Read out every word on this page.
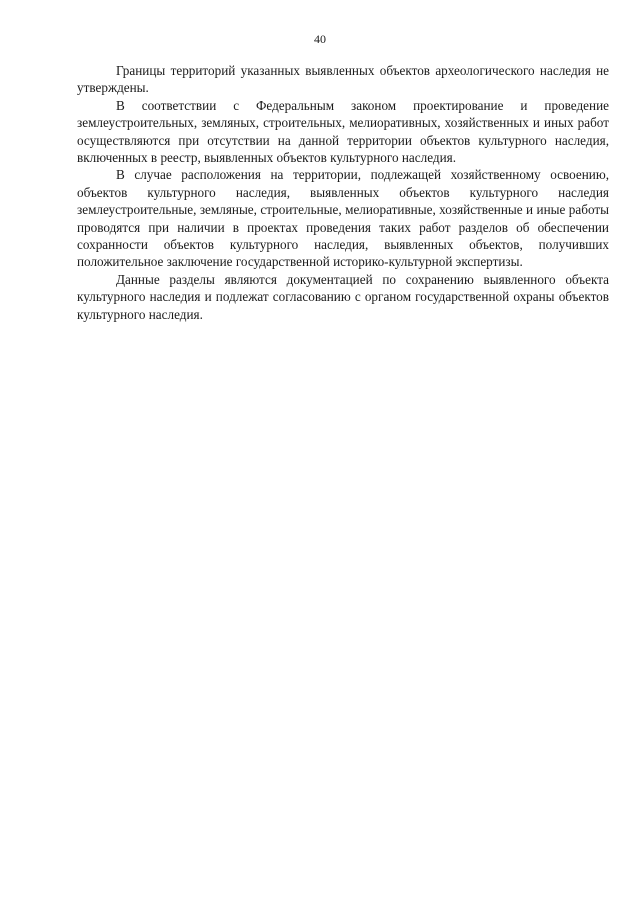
40

Границы территорий указанных выявленных объектов археологического наследия не утверждены.

В соответствии с Федеральным законом проектирование и проведение землеустроительных, земляных, строительных, мелиоративных, хозяйственных и иных работ осуществляются при отсутствии на данной территории объектов культурного наследия, включенных в реестр, выявленных объектов культурного наследия.

В случае расположения на территории, подлежащей хозяйственному освоению, объектов культурного наследия, выявленных объектов культурного наследия землеустроительные, земляные, строительные, мелиоративные, хозяйственные и иные работы проводятся при наличии в проектах проведения таких работ разделов об обеспечении сохранности объектов культурного наследия, выявленных объектов, получивших положительное заключение государственной историко-культурной экспертизы.

Данные разделы являются документацией по сохранению выявленного объекта культурного наследия и подлежат согласованию с органом государственной охраны объектов культурного наследия.
